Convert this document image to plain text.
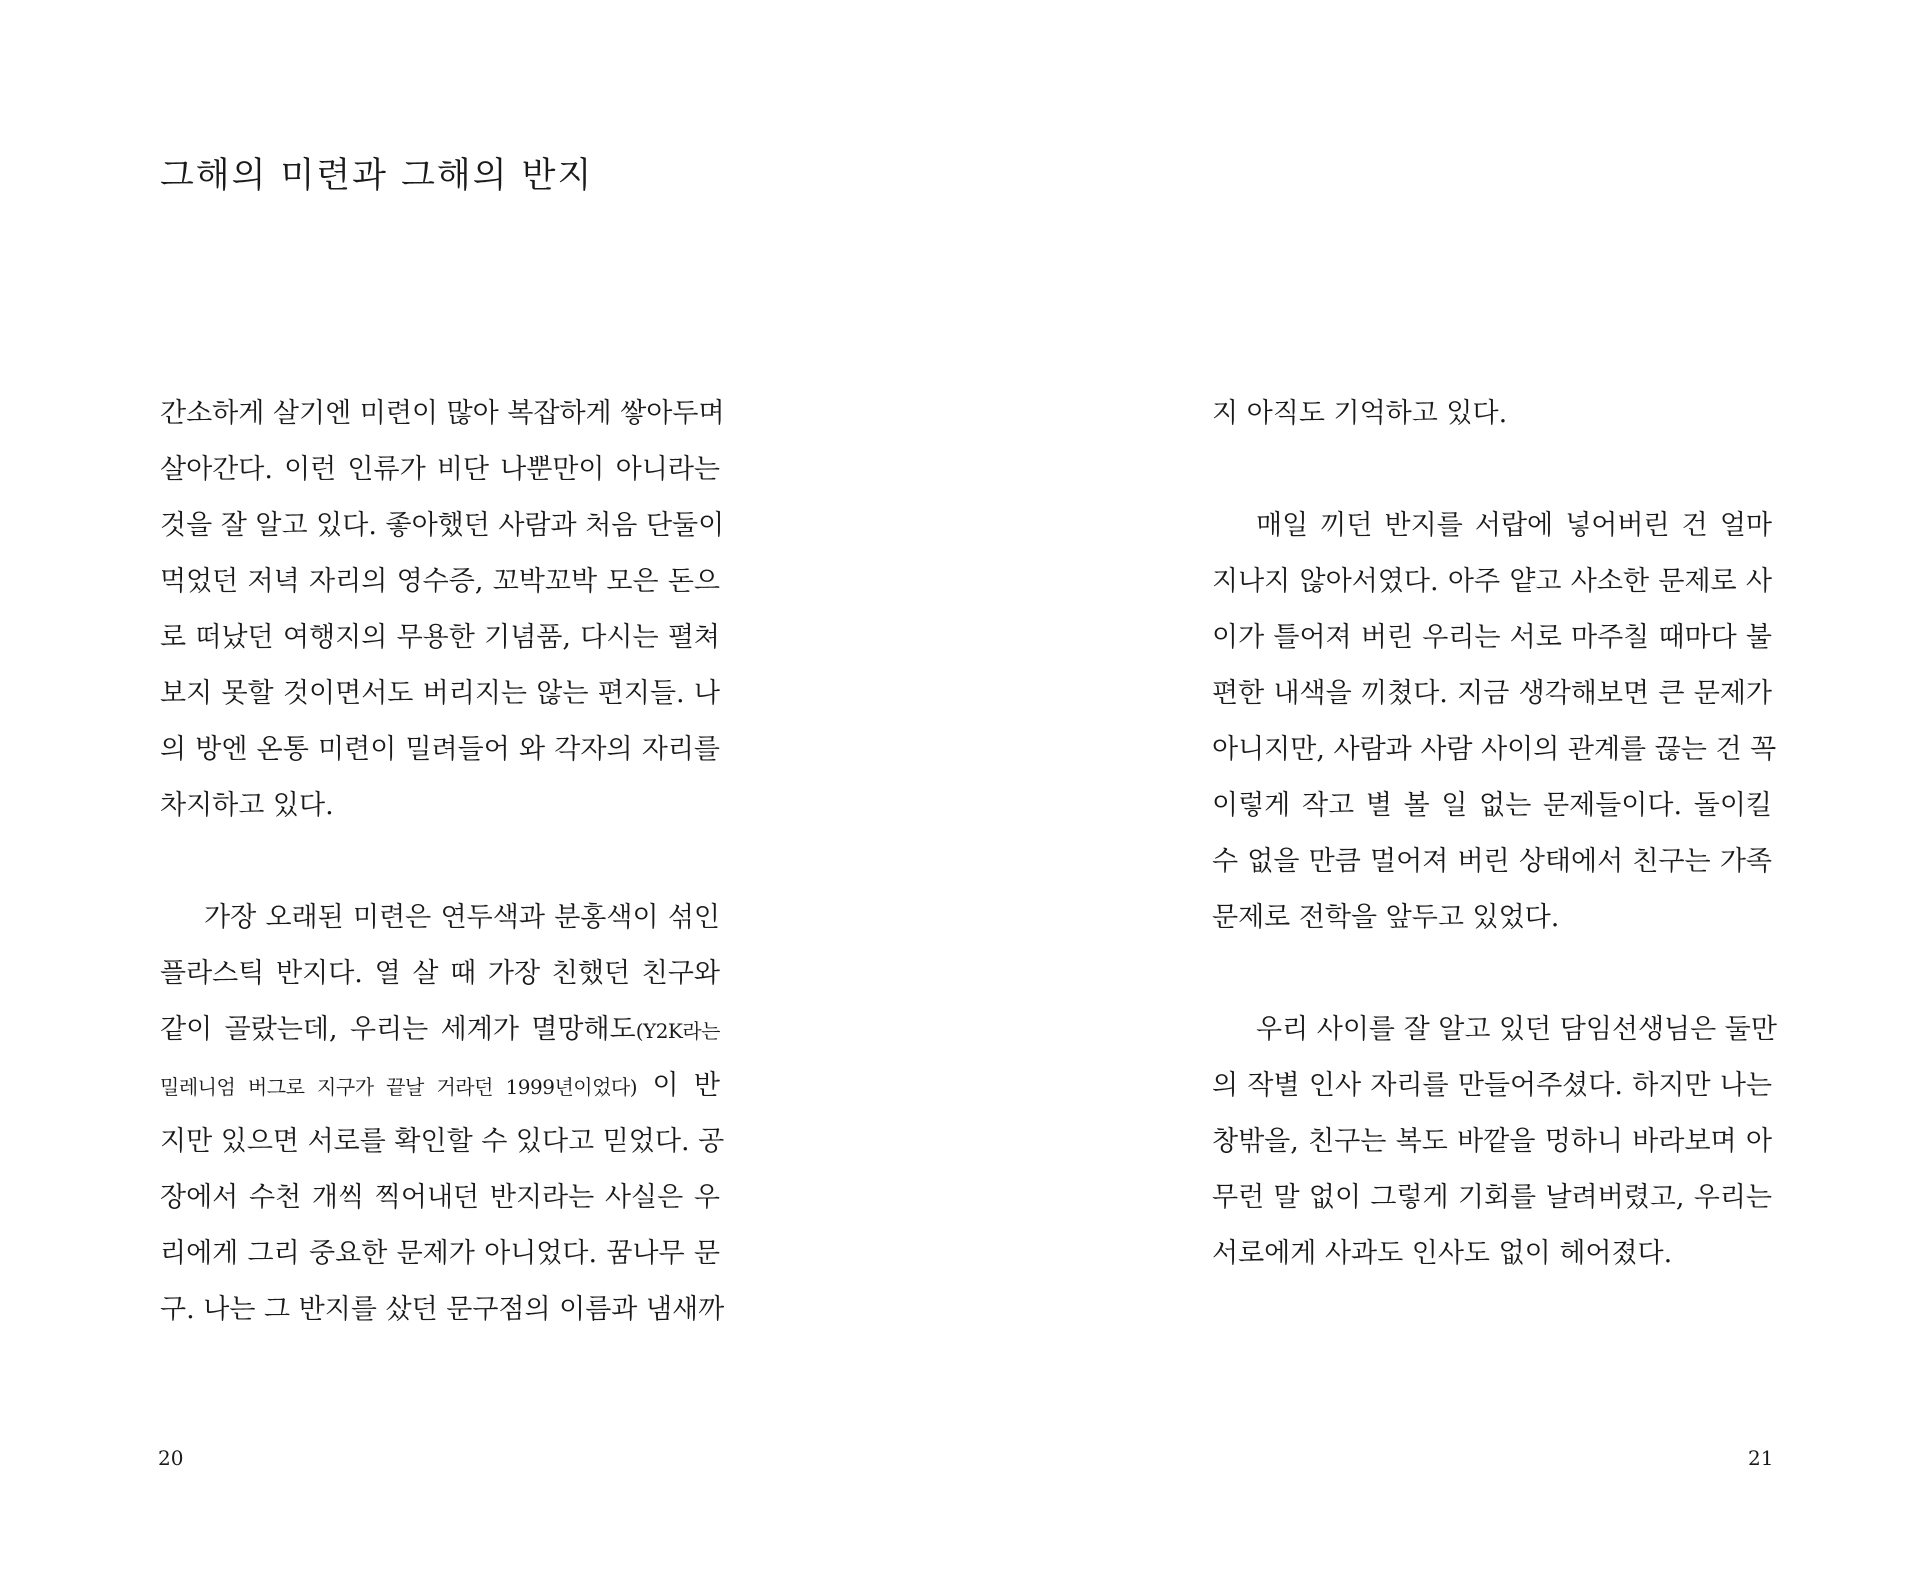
그해의 미련과 그해의 반지
간소하게 살기엔 미련이 많아 복잡하게 쌓아두며
살아간다. 이런 인류가 비단 나뿐만이 아니라는
것을 잘 알고 있다. 좋아했던 사람과 처음 단둘이
먹었던 저녁 자리의 영수증, 꼬박꼬박 모은 돈으
로 떠났던 여행지의 무용한 기념품, 다시는 펼쳐
보지 못할 것이면서도 버리지는 않는 편지들. 나
의 방엔 온통 미련이 밀려들어 와 각자의 자리를
차지하고 있다.
가장 오래된 미련은 연두색과 분홍색이 섞인
플라스틱 반지다. 열 살 때 가장 친했던 친구와
같이 골랐는데, 우리는 세계가 멸망해도(Y2K라는
밀레니엄 버그로 지구가 끝날 거라던 1999년이었다) 이 반
지만 있으면 서로를 확인할 수 있다고 믿었다. 공
장에서 수천 개씩 찍어내던 반지라는 사실은 우
리에게 그리 중요한 문제가 아니었다. 꿈나무 문
구. 나는 그 반지를 샀던 문구점의 이름과 냄새까

20

지 아직도 기억하고 있다.
매일 끼던 반지를 서랍에 넣어버린 건 얼마
지나지 않아서였다. 아주 얕고 사소한 문제로 사
이가 틀어져 버린 우리는 서로 마주칠 때마다 불
편한 내색을 끼쳤다. 지금 생각해보면 큰 문제가
아니지만, 사람과 사람 사이의 관계를 끊는 건 꼭
이렇게 작고 별 볼 일 없는 문제들이다. 돌이킬
수 없을 만큼 멀어져 버린 상태에서 친구는 가족
문제로 전학을 앞두고 있었다.
우리 사이를 잘 알고 있던 담임선생님은 둘만
의 작별 인사 자리를 만들어주셨다. 하지만 나는
창밖을, 친구는 복도 바깥을 멍하니 바라보며 아
무런 말 없이 그렇게 기회를 날려버렸고, 우리는
서로에게 사과도 인사도 없이 헤어졌다.

21
